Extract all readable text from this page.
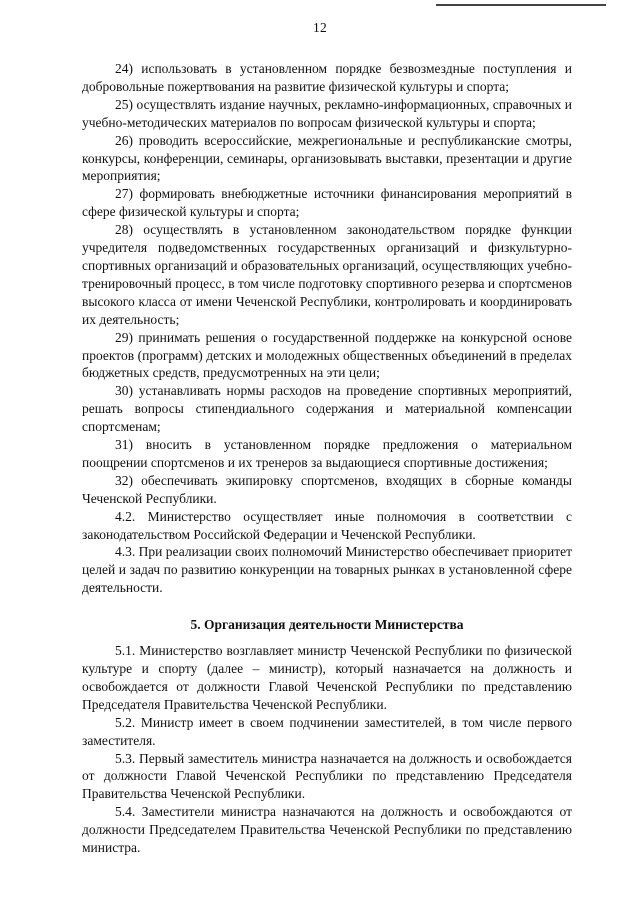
12

24) использовать в установленном порядке безвозмездные поступления и добровольные пожертвования на развитие физической культуры и спорта;

25) осуществлять издание научных, рекламно-информационных, справочных и учебно-методических материалов по вопросам физической культуры и спорта;

26) проводить всероссийские, межрегиональные и республиканские смотры, конкурсы, конференции, семинары, организовывать выставки, презентации и другие мероприятия;

27) формировать внебюджетные источники финансирования мероприятий в сфере физической культуры и спорта;

28) осуществлять в установленном законодательством порядке функции учредителя подведомственных государственных организаций и физкультурно-спортивных организаций и образовательных организаций, осуществляющих учебно-тренировочный процесс, в том числе подготовку спортивного резерва и спортсменов высокого класса от имени Чеченской Республики, контролировать и координировать их деятельность;

29) принимать решения о государственной поддержке на конкурсной основе проектов (программ) детских и молодежных общественных объединений в пределах бюджетных средств, предусмотренных на эти цели;

30) устанавливать нормы расходов на проведение спортивных мероприятий, решать вопросы стипендиального содержания и материальной компенсации спортсменам;

31) вносить в установленном порядке предложения о материальном поощрении спортсменов и их тренеров за выдающиеся спортивные достижения;

32) обеспечивать экипировку спортсменов, входящих в сборные команды Чеченской Республики.

4.2. Министерство осуществляет иные полномочия в соответствии с законодательством Российской Федерации и Чеченской Республики.

4.3. При реализации своих полномочий Министерство обеспечивает приоритет целей и задач по развитию конкуренции на товарных рынках в установленной сфере деятельности.

5. Организация деятельности Министерства

5.1. Министерство возглавляет министр Чеченской Республики по физической культуре и спорту (далее – министр), который назначается на должность и освобождается от должности Главой Чеченской Республики по представлению Председателя Правительства Чеченской Республики.

5.2. Министр имеет в своем подчинении заместителей, в том числе первого заместителя.

5.3. Первый заместитель министра назначается на должность и освобождается от должности Главой Чеченской Республики по представлению Председателя Правительства Чеченской Республики.

5.4. Заместители министра назначаются на должность и освобождаются от должности Председателем Правительства Чеченской Республики по представлению министра.
